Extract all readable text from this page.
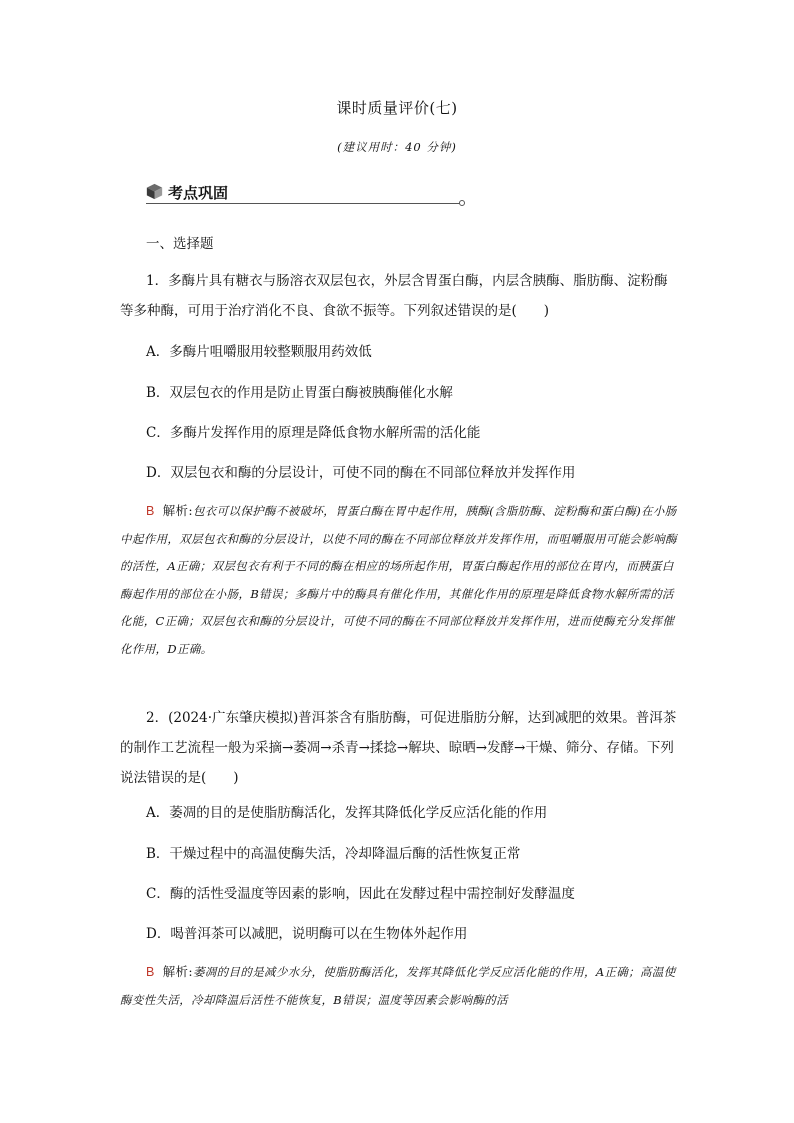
课时质量评价(七)
(建议用时：40 分钟)
考点巩固
一、选择题
1．多酶片具有糖衣与肠溶衣双层包衣，外层含胃蛋白酶，内层含胰酶、脂肪酶、淀粉酶等多种酶，可用于治疗消化不良、食欲不振等。下列叙述错误的是(　　)
A．多酶片咀嚼服用较整颗服用药效低
B．双层包衣的作用是防止胃蛋白酶被胰酶催化水解
C．多酶片发挥作用的原理是降低食物水解所需的活化能
D．双层包衣和酶的分层设计，可使不同的酶在不同部位释放并发挥作用
B 解析:包衣可以保护酶不被破坏，胃蛋白酶在胃中起作用，胰酶(含脂肪酶、淀粉酶和蛋白酶)在小肠中起作用，双层包衣和酶的分层设计，以使不同的酶在不同部位释放并发挥作用，而咀嚼服用可能会影响酶的活性，A正确；双层包衣有利于不同的酶在相应的场所起作用，胃蛋白酶起作用的部位在胃内，而胰蛋白酶起作用的部位在小肠，B错误；多酶片中的酶具有催化作用，其催化作用的原理是降低食物水解所需的活化能，C正确；双层包衣和酶的分层设计，可使不同的酶在不同部位释放并发挥作用，进而使酶充分发挥催化作用，D正确。
2．(2024·广东肇庆模拟)普洱茶含有脂肪酶，可促进脂肪分解，达到减肥的效果。普洱茶的制作工艺流程一般为采摘→萎凋→杀青→揉捻→解块、晾晒→发酵→干燥、筛分、存储。下列说法错误的是(　　)
A．萎凋的目的是使脂肪酶活化，发挥其降低化学反应活化能的作用
B．干燥过程中的高温使酶失活，冷却降温后酶的活性恢复正常
C．酶的活性受温度等因素的影响，因此在发酵过程中需控制好发酵温度
D．喝普洱茶可以减肥，说明酶可以在生物体外起作用
B 解析:萎凋的目的是减少水分，使脂肪酶活化，发挥其降低化学反应活化能的作用，A正确；高温使酶变性失活，冷却降温后活性不能恢复，B错误；温度等因素会影响酶的活
